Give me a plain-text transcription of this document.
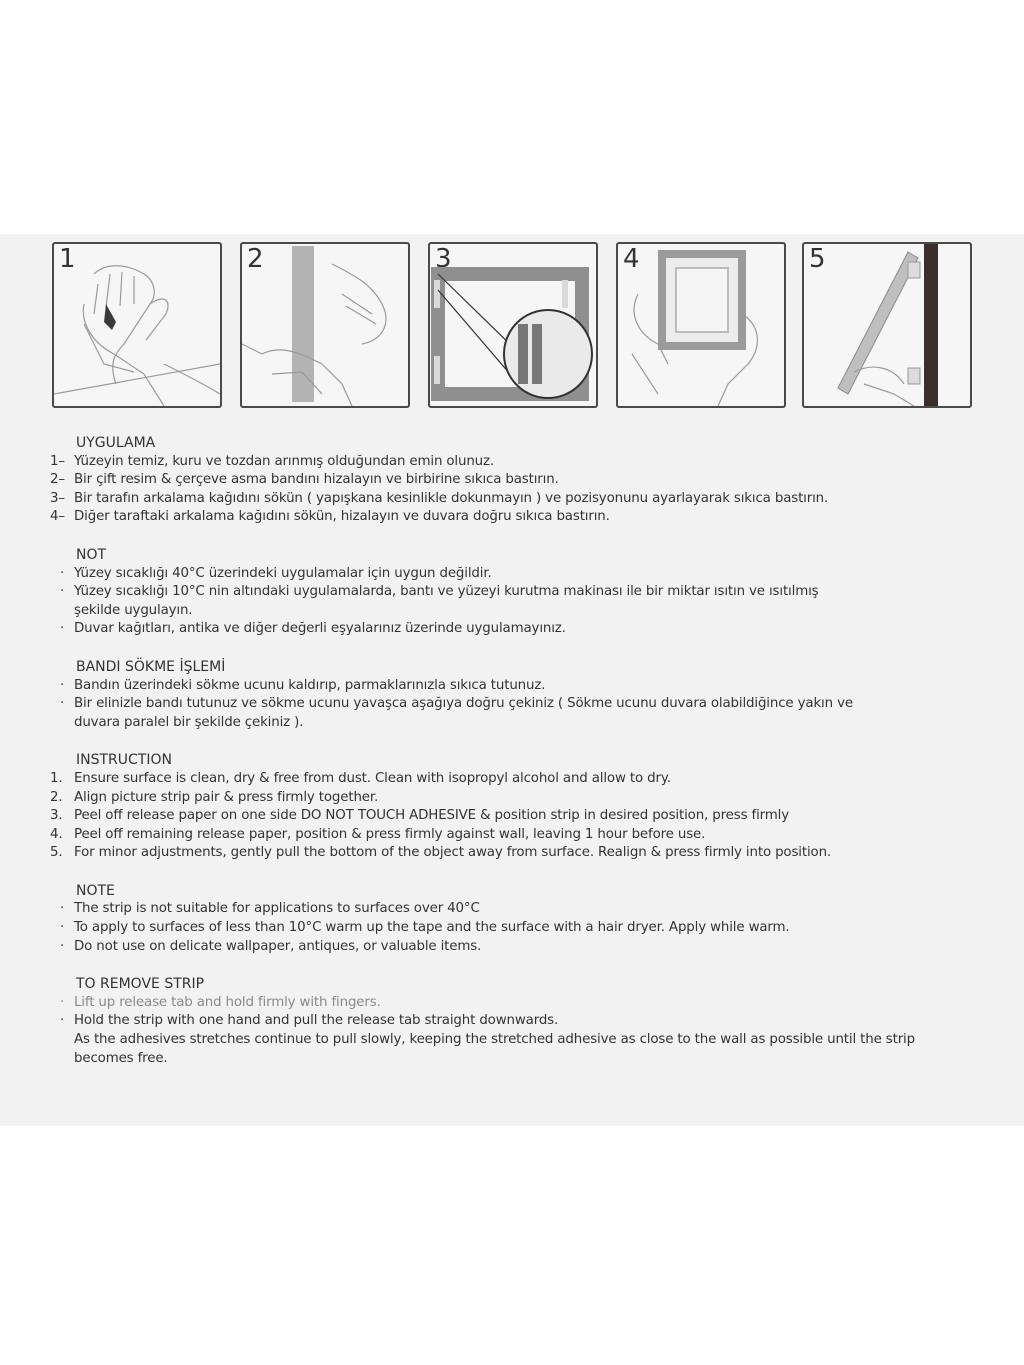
1	2	3	4	5
UYGULAMA
1– Yüzeyin temiz, kuru ve tozdan arınmış olduğundan emin olunuz.
2– Bir çift resim & çerçeve asma bandını hizalayın ve birbirine sıkıca bastırın.
3– Bir tarafın arkalama kağıdını sökün ( yapışkana kesinlikle dokunmayın ) ve pozisyonunu ayarlayarak sıkıca bastırın.
4– Diğer taraftaki arkalama kağıdını sökün, hizalayın ve duvara doğru sıkıca bastırın.
NOT
· Yüzey sıcaklığı 40°C üzerindeki uygulamalar için uygun değildir.
· Yüzey sıcaklığı 10°C nin altındaki uygulamalarda, bantı ve yüzeyi kurutma makinası ile bir miktar ısıtın ve ısıtılmış
şekilde uygulayın.
· Duvar kağıtları, antika ve diğer değerli eşyalarınız üzerinde uygulamayınız.
BANDI SÖKME İŞLEMİ
· Bandın üzerindeki sökme ucunu kaldırıp, parmaklarınızla sıkıca tutunuz.
· Bir elinizle bandı tutunuz ve sökme ucunu yavaşca aşağıya doğru çekiniz ( Sökme ucunu duvara olabildiğince yakın ve
duvara paralel bir şekilde çekiniz ).
INSTRUCTION
1. Ensure surface is clean, dry & free from dust. Clean with isopropyl alcohol and allow to dry.
2. Align picture strip pair & press firmly together.
3. Peel off release paper on one side DO NOT TOUCH ADHESIVE & position strip in desired position, press firmly
4. Peel off remaining release paper, position & press firmly against wall, leaving 1 hour before use.
5. For minor adjustments, gently pull the bottom of the object away from surface. Realign & press firmly into position.
NOTE
· The strip is not suitable for applications to surfaces over 40°C
· To apply to surfaces of less than 10°C warm up the tape and the surface with a hair dryer. Apply while warm.
· Do not use on delicate wallpaper, antiques, or valuable items.
TO REMOVE STRIP
· Lift up release tab and hold firmly with fingers.
· Hold the strip with one hand and pull the release tab straight downwards.
As the adhesives stretches continue to pull slowly, keeping the stretched adhesive as close to the wall as possible until the strip
becomes free.
